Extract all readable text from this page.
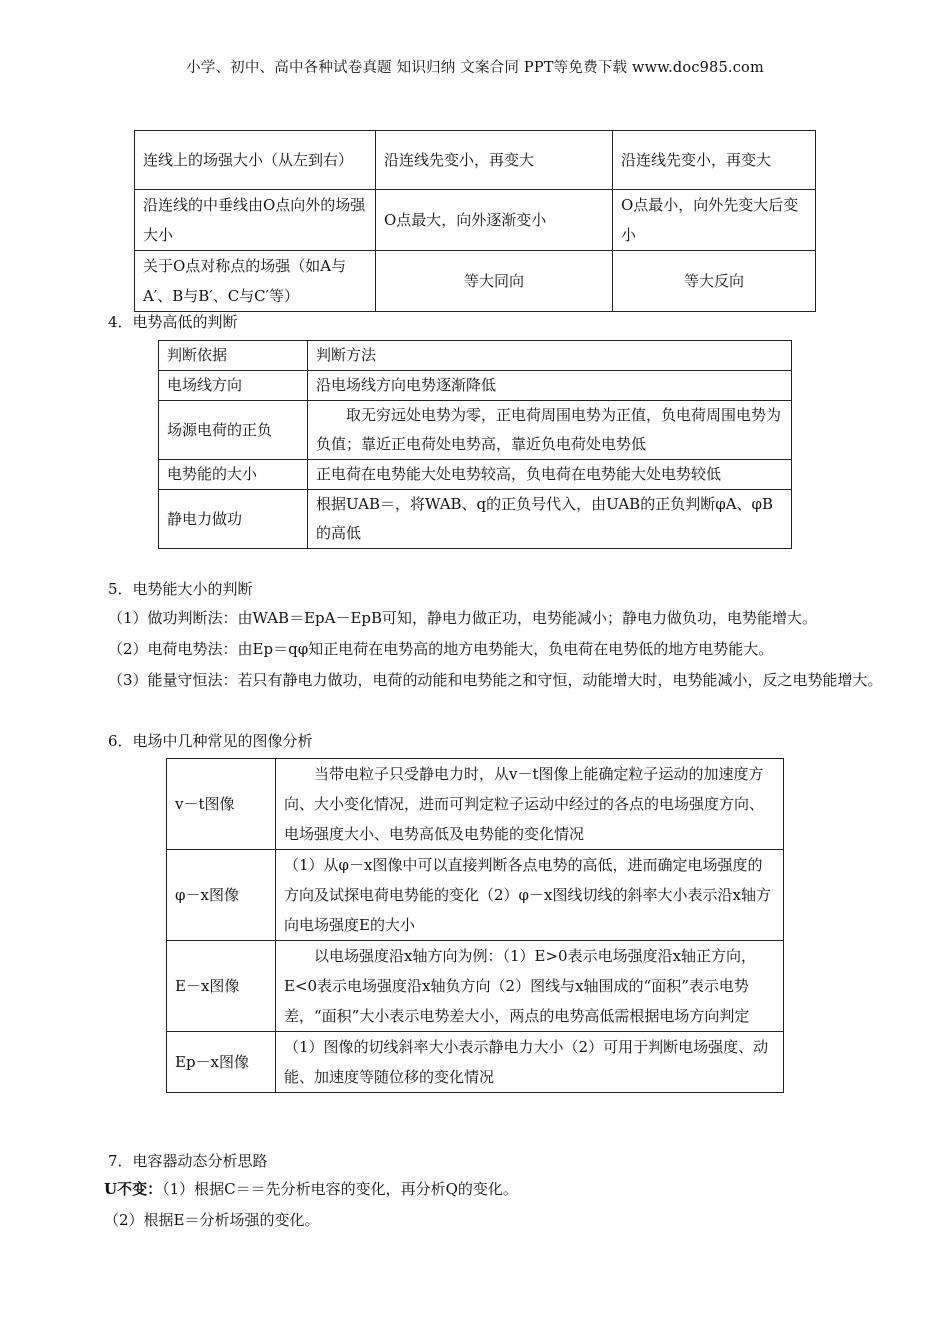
小学、初中、高中各种试卷真题 知识归纳 文案合同 PPT等免费下载 www.doc985.com
连线上的场强大小（从左到右）	沿连线先变小，再变大	沿连线先变小，再变大
沿连线的中垂线由O点向外的场强大小	O点最大，向外逐渐变小	O点最小，向外先变大后变小
关于O点对称点的场强（如A与A′、B与B′、C与C′等）	等大同向	等大反向
4．电势高低的判断
判断依据	判断方法
电场线方向	沿电场线方向电势逐渐降低
场源电荷的正负	取无穷远处电势为零，正电荷周围电势为正值，负电荷周围电势为负值；靠近正电荷处电势高，靠近负电荷处电势低
电势能的大小	正电荷在电势能大处电势较高，负电荷在电势能大处电势较低
静电力做功	根据UAB＝，将WAB、q的正负号代入，由UAB的正负判断φA、φB的高低
5．电势能大小的判断
（1）做功判断法：由WAB＝EpA－EpB可知，静电力做正功，电势能减小；静电力做负功，电势能增大。
（2）电荷电势法：由Ep＝qφ知正电荷在电势高的地方电势能大，负电荷在电势低的地方电势能大。
（3）能量守恒法：若只有静电力做功，电荷的动能和电势能之和守恒，动能增大时，电势能减小，反之电势能增大。
6．电场中几种常见的图像分析
v－t图像	当带电粒子只受静电力时，从v－t图像上能确定粒子运动的加速度方向、大小变化情况，进而可判定粒子运动中经过的各点的电场强度方向、电场强度大小、电势高低及电势能的变化情况
φ－x图像	（1）从φ－x图像中可以直接判断各点电势的高低，进而确定电场强度的方向及试探电荷电势能的变化（2）φ－x图线切线的斜率大小表示沿x轴方向电场强度E的大小
E－x图像	以电场强度沿x轴方向为例：（1）E>0表示电场强度沿x轴正方向，E<0表示电场强度沿x轴负方向（2）图线与x轴围成的“面积”表示电势差，“面积”大小表示电势差大小，两点的电势高低需根据电场方向判定
Ep－x图像	（1）图像的切线斜率大小表示静电力大小（2）可用于判断电场强度、动能、加速度等随位移的变化情况
7．电容器动态分析思路
U不变：（1）根据C＝＝先分析电容的变化，再分析Q的变化。
（2）根据E＝分析场强的变化。
